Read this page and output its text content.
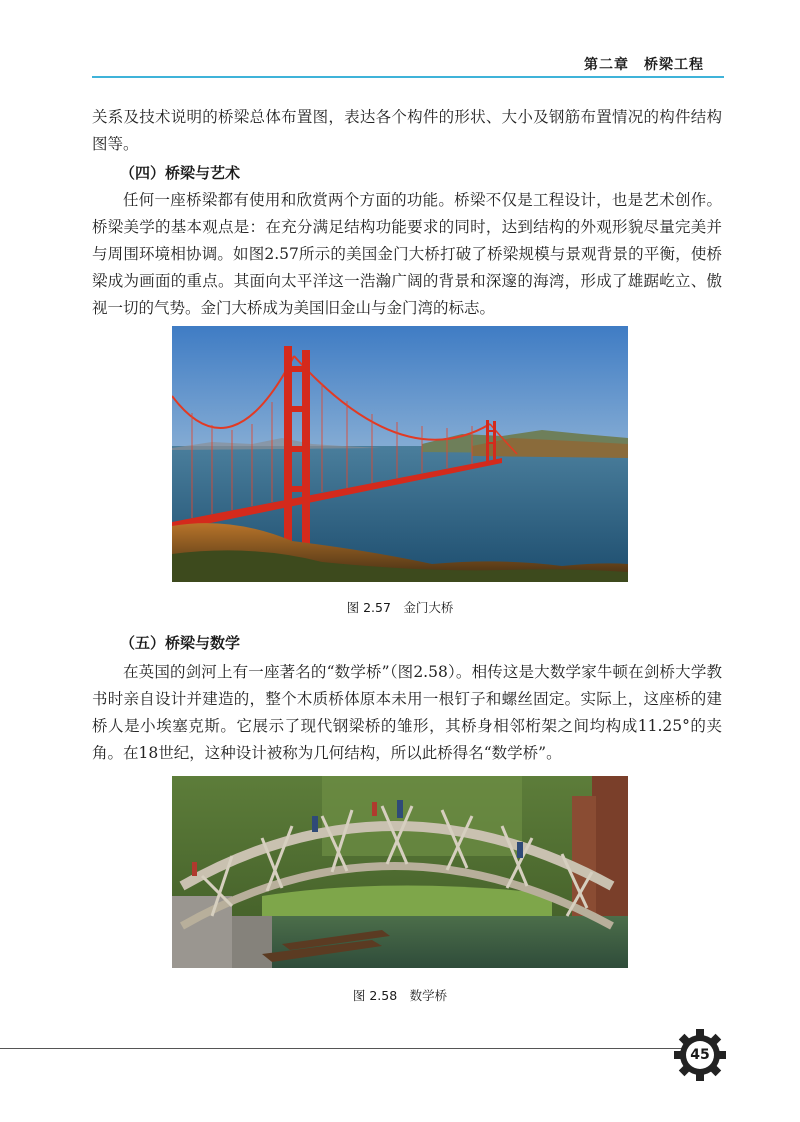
第二章　桥梁工程

关系及技术说明的桥梁总体布置图，表达各个构件的形状、大小及钢筋布置情况的构件结构图等。

（四）桥梁与艺术

任何一座桥梁都有使用和欣赏两个方面的功能。桥梁不仅是工程设计，也是艺术创作。桥梁美学的基本观点是：在充分满足结构功能要求的同时，达到结构的外观形貌尽量完美并与周围环境相协调。如图2.57所示的美国金门大桥打破了桥梁规模与景观背景的平衡，使桥梁成为画面的重点。其面向太平洋这一浩瀚广阔的背景和深邃的海湾，形成了雄踞屹立、傲视一切的气势。金门大桥成为美国旧金山与金门湾的标志。

图 2.57　金门大桥

（五）桥梁与数学

在英国的剑河上有一座著名的“数学桥”（图2.58）。相传这是大数学家牛顿在剑桥大学教书时亲自设计并建造的，整个木质桥体原本未用一根钉子和螺丝固定。实际上，这座桥的建桥人是小埃塞克斯。它展示了现代钢梁桥的雏形，其桥身相邻桁架之间均构成11.25°的夹角。在18世纪，这种设计被称为几何结构，所以此桥得名“数学桥”。

图 2.58　数学桥
45
